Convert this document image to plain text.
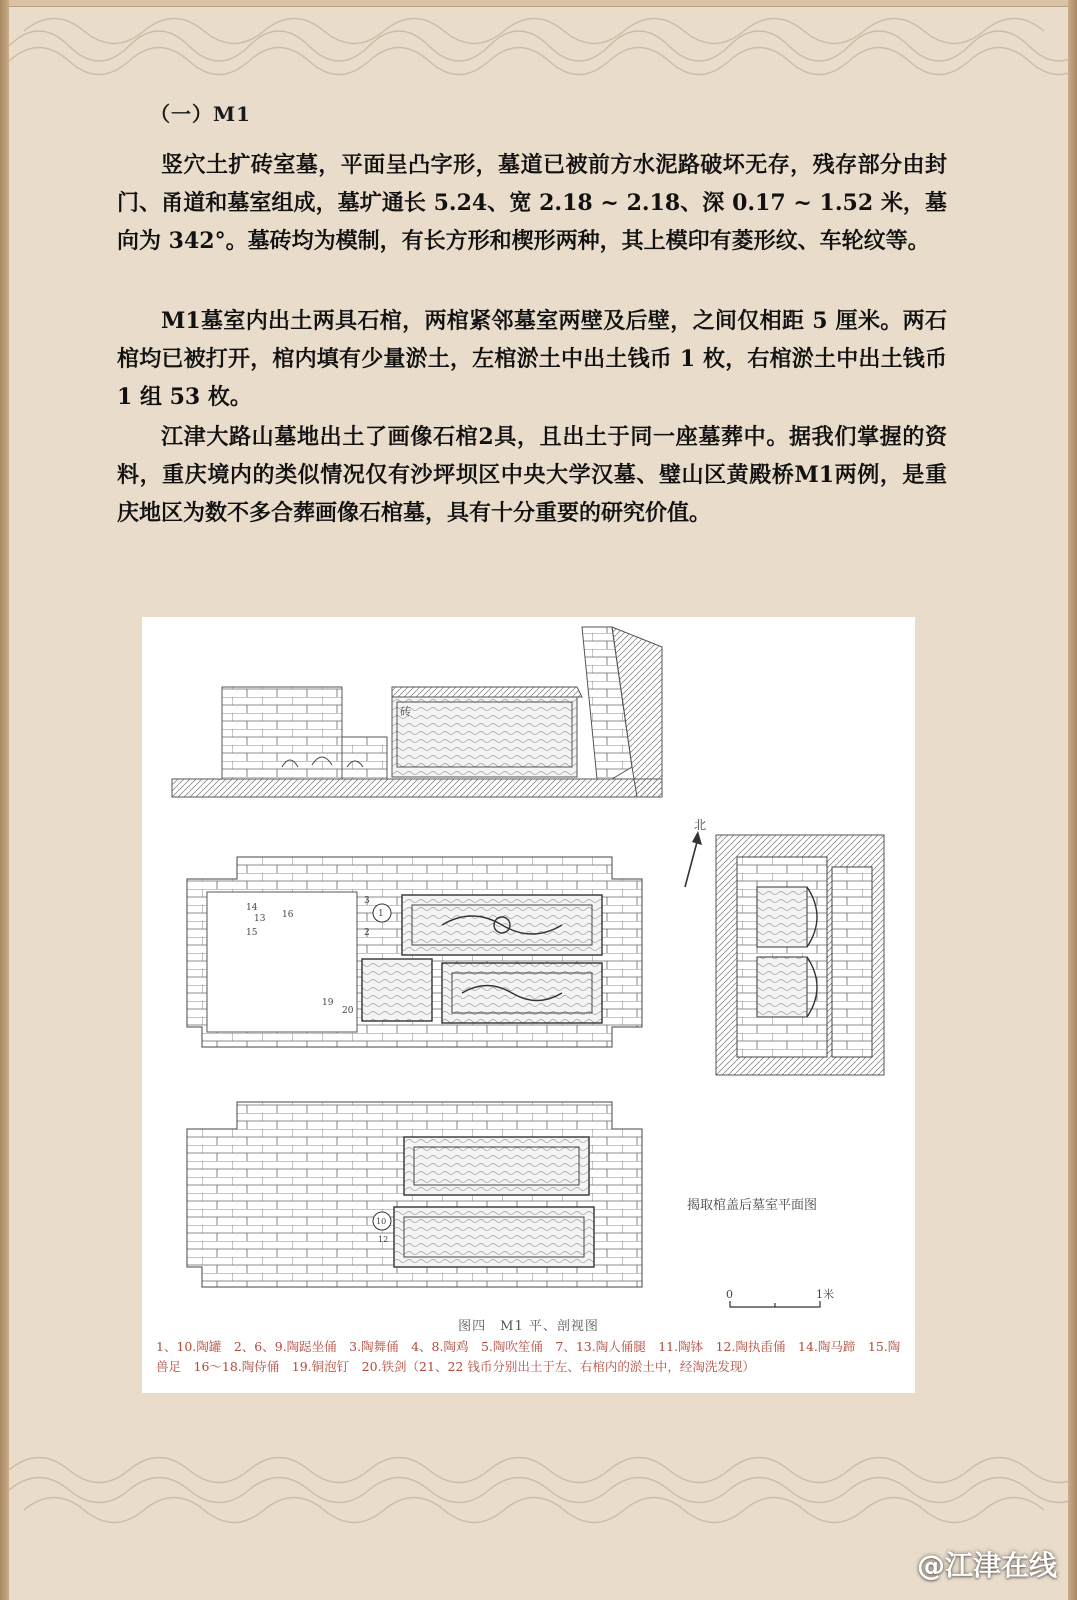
（一）M1

竖穴土扩砖室墓，平面呈凸字形，墓道已被前方水泥路破坏无存，残存部分由封门、甬道和墓室组成，墓圹通长 5.24、宽 2.18 ~ 2.18、深 0.17 ~ 1.52 米，墓向为 342°。墓砖均为模制，有长方形和楔形两种，其上模印有菱形纹、车轮纹等。

M1墓室内出土两具石棺，两棺紧邻墓室两壁及后壁，之间仅相距 5 厘米。两石棺均已被打开，棺内填有少量淤土，左棺淤土中出土钱币 1 枚，右棺淤土中出土钱币 1 组 53 枚。

江津大路山墓地出土了画像石棺2具，且出土于同一座墓葬中。据我们掌握的资料，重庆境内的类似情况仅有沙坪坝区中央大学汉墓、璧山区黄殿桥M1两例，是重庆地区为数不多合葬画像石棺墓，具有十分重要的研究价值。

砖
北
14
13
15
16
3
2
1
19
20
10
12
揭取棺盖后墓室平面图
0	1米
图四　M1 平、剖视图

1、10.陶罐　2、6、9.陶跽坐俑　3.陶舞俑　4、8.陶鸡　5.陶吹笙俑　7、13.陶人俑腿　11.陶钵　12.陶执臿俑　14.陶马蹄　15.陶兽足　16～18.陶侍俑　19.铜泡钉　20.铁剑（21、22 钱币分别出土于左、右棺内的淤土中，经淘洗发现）

@江津在线
